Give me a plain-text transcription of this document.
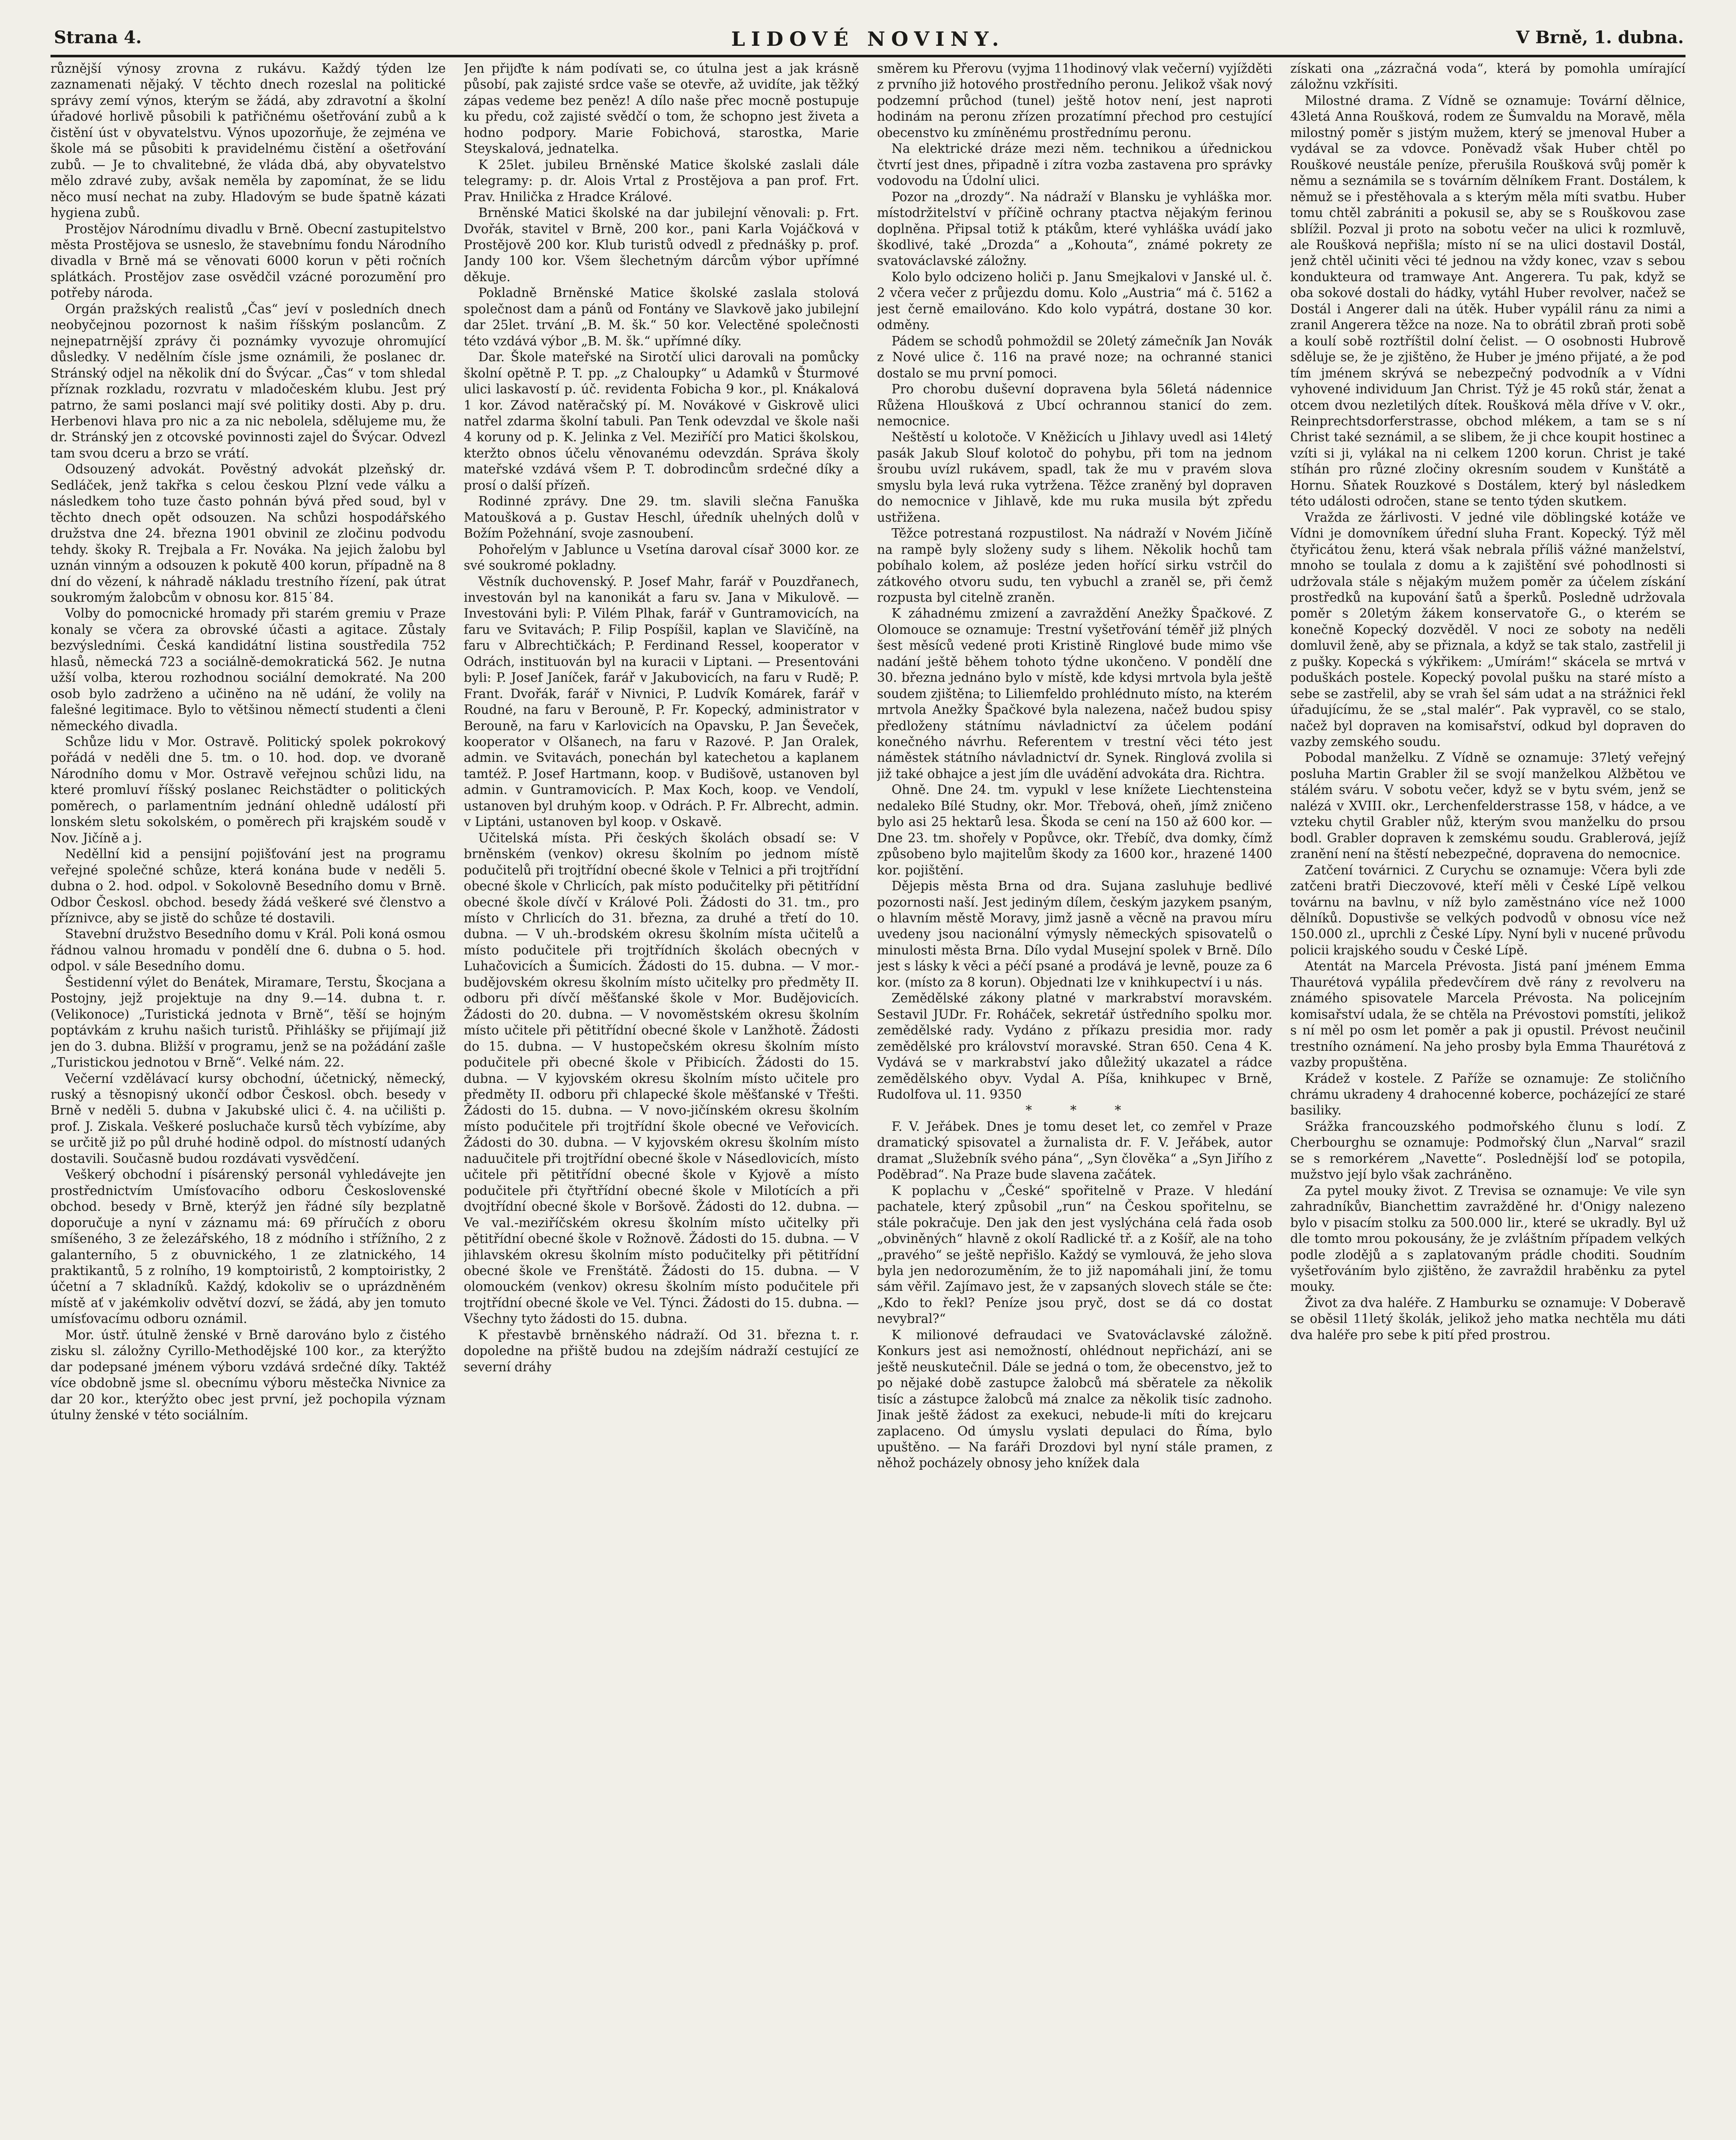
Strana 4.	LIDOVÉ NOVINY.	V Brně, 1. dubna.

různější výnosy zrovna z rukávu. Každý týden lze zaznamenati nějaký. V těchto dnech rozeslal na politické správy zemí výnos, kterým se žádá, aby zdravotní a školní úřadové horlivě působili k patřičnému ošetřování zubů a k čistění úst v obyvatelstvu. Výnos upozorňuje, že zejména ve škole má se působiti k pravidelnému čistění a ošetřování zubů. — Je to chvalitebné, že vláda dbá, aby obyvatelstvo mělo zdravé zuby, avšak neměla by zapomínat, že se lidu něco musí nechat na zuby. Hladovým se bude špatně kázati hygiena zubů.

Prostějov Národnímu divadlu v Brně. Obecní zastupitelstvo města Prostějova se usneslo, že stavebnímu fondu Národního divadla v Brně má se věnovati 6000 korun v pěti ročních splátkách. Prostějov zase osvědčil vzácné porozumění pro potřeby národa.

Orgán pražských realistů „Čas“ jeví v posledních dnech neobyčejnou pozornost k našim říšským poslancům. Z nejnepatrnější zprávy či poznámky vyvozuje ohromující důsledky. V nedělním čísle jsme oznámili, že poslanec dr. Stránský odjel na několik dní do Švýcar. „Čas“ v tom shledal příznak rozkladu, rozvratu v mladočeském klubu. Jest prý patrno, že sami poslanci mají své politiky dosti. Aby p. dru. Herbenovi hlava pro nic a za nic nebolela, sdělujeme mu, že dr. Stránský jen z otcovské povinnosti zajel do Švýcar. Odvezl tam svou dceru a brzo se vrátí.

Odsouzený advokát. Pověstný advokát plzeňský dr. Sedláček, jenž takřka s celou českou Plzní vede válku a následkem toho tuze často pohnán bývá před soud, byl v těchto dnech opět odsouzen. Na schůzi hospodářského družstva dne 24. března 1901 obvinil ze zločinu podvodu tehdy. škoky R. Trejbala a Fr. Nováka. Na jejich žalobu byl uznán vinným a odsouzen k pokutě 400 korun, případně na 8 dní do vězení, k náhradě nákladu trestního řízení, pak útrat soukromým žalobcům v obnosu kor. 815˙84.

Volby do pomocnické hromady při starém gremiu v Praze konaly se včera za obrovské účasti a agitace. Zůstaly bezvýsledními. Česká kandidátní listina soustředila 752 hlasů, německá 723 a sociálně-demokratická 562. Je nutna užší volba, kterou rozhodnou sociální demokraté. Na 200 osob bylo zadrženo a učiněno na ně udání, že volily na falešné legitimace. Bylo to většinou němectí studenti a členi německého divadla.

Schůze lidu v Mor. Ostravě. Politický spolek pokrokový pořádá v neděli dne 5. tm. o 10. hod. dop. ve dvoraně Národního domu v Mor. Ostravě veřejnou schůzi lidu, na které promluví říšský poslanec Reichstädter o politických poměrech, o parlamentním jednání ohledně událostí při lonském sletu sokolském, o poměrech při krajském soudě v Nov. Jičíně a j.

Neděllní kid a pensijní pojišťování jest na programu veřejné společné schůze, která konána bude v neděli 5. dubna o 2. hod. odpol. v Sokolovně Besedního domu v Brně. Odbor Českosl. obchod. besedy žádá veškeré své členstvo a příznivce, aby se jistě do schůze té dostavili.

Stavební družstvo Besedního domu v Král. Poli koná osmou řádnou valnou hromadu v pondělí dne 6. dubna o 5. hod. odpol. v sále Besedního domu.

Šestidenní výlet do Benátek, Miramare, Terstu, Škocjana a Postojny, jejž projektuje na dny 9.—14. dubna t. r. (Velikonoce) „Turistická jednota v Brně“, těší se hojným poptávkám z kruhu našich turistů. Přihlášky se přijímají již jen do 3. dubna. Bližší v programu, jenž se na požádání zašle „Turistickou jednotou v Brně“. Velké nám. 22.

Večerní vzdělávací kursy obchodní, účetnický, německý, ruský a těsnopisný ukončí odbor Českosl. obch. besedy v Brně v neděli 5. dubna v Jakubské ulici č. 4. na učilišti p. prof. J. Ziskala. Veškeré posluchače kursů těch vybízíme, aby se určitě již po půl druhé hodině odpol. do místností udaných dostavili. Současně budou rozdávati vysvědčení.

Veškerý obchodní i písárenský personál vyhledávejte jen prostřednictvím Umísťovacího odboru Československé obchod. besedy v Brně, kterýž jen řádné síly bezplatně doporučuje a nyní v záznamu má: 69 příručích z oboru smíšeného, 3 ze železářského, 18 z módního i střížního, 2 z galanterního, 5 z obuvnického, 1 ze zlatnického, 14 praktikantů, 5 z rolního, 19 komptoiristů, 2 komptoiristky, 2 účetní a 7 skladníků. Každý, kdokoliv se o uprázdněném místě ať v jakémkoliv odvětví dozví, se žádá, aby jen tomuto umísťovacímu odboru oznámil.

Mor. ústř. útulně ženské v Brně darováno bylo z čistého zisku sl. záložny Cyrillo-Methodějské 100 kor., za kterýžto dar podepsané jménem výboru vzdává srdečné díky. Taktéž více obdobně jsme sl. obecnímu výboru městečka Nivnice za dar 20 kor., kterýžto obec jest první, jež pochopila význam útulny ženské v této sociálním.

Jen přijďte k nám podívati se, co útulna jest a jak krásně působí, pak zajisté srdce vaše se otevře, až uvidíte, jak těžký zápas vedeme bez peněz! A dílo naše přec mocně postupuje ku předu, což zajisté svědčí o tom, že schopno jest živeta a hodno podpory. Marie Fobichová, starostka, Marie Steyskalová, jednatelka.

K 25let. jubileu Brněnské Matice školské zaslali dále telegramy: p. dr. Alois Vrtal z Prostějova a pan prof. Frt. Prav. Hnilička z Hradce Králové.

Brněnské Matici školské na dar jubilejní věnovali: p. Frt. Dvořák, stavitel v Brně, 200 kor., pani Karla Vojáčková v Prostějově 200 kor. Klub turistů odvedl z přednášky p. prof. Jandy 100 kor. Všem šlechetným dárcům výbor upřímné děkuje.

Pokladně Brněnské Matice školské zaslala stolová společnost dam a pánů od Fontány ve Slavkově jako jubilejní dar 25let. trvání „B. M. šk.“ 50 kor. Velectěné společnosti této vzdává výbor „B. M. šk.“ upřímné díky.

Dar. Škole mateřské na Sirotčí ulici darovali na pomůcky školní opětně P. T. pp. „z Chaloupky“ u Adamků v Šturmové ulici laskavostí p. úč. revidenta Fobicha 9 kor., pl. Knákalová 1 kor. Závod natěračský pí. M. Novákové v Giskrově ulici natřel zdarma školní tabuli. Pan Tenk odevzdal ve škole naši 4 koruny od p. K. Jelinka z Vel. Meziříčí pro Matici školskou, kteržto obnos účelu věnovanému odevzdán. Správa školy mateřské vzdává všem P. T. dobrodincům srdečné díky a prosí o další přízeň.

Rodinné zprávy. Dne 29. tm. slavili slečna Fanuška Matoušková a p. Gustav Heschl, úředník uhelných dolů v Božím Požehnání, svoje zasnoubení.

Pohořelým v Jablunce u Vsetína daroval císař 3000 kor. ze své soukromé pokladny.

Věstník duchovenský. P. Josef Mahr, farář v Pouzdřanech, investován byl na kanonikát a faru sv. Jana v Mikulově. — Investováni byli: P. Vilém Plhak, farář v Guntramovicích, na faru ve Svitavách; P. Filip Pospíšil, kaplan ve Slavičíně, na faru v Albrechtičkách; P. Ferdinand Ressel, kooperator v Odrách, instituován byl na kuracii v Liptani. — Presentováni byli: P. Josef Janíček, farář v Jakubovicích, na faru v Rudě; P. Frant. Dvořák, farář v Nivnici, P. Ludvík Komárek, farář v Roudné, na faru v Berouně, P. Fr. Kopecký, administrator v Berouně, na faru v Karlovicích na Opavsku, P. Jan Ševeček, kooperator v Olšanech, na faru v Razové. P. Jan Oralek, admin. ve Svitavách, ponechán byl katechetou a kaplanem tamtéž. P. Josef Hartmann, koop. v Budišově, ustanoven byl admin. v Guntramovicích. P. Max Koch, koop. ve Vendolí, ustanoven byl druhým koop. v Odrách. P. Fr. Albrecht, admin. v Liptáni, ustanoven byl koop. v Oskavě.

Učitelská místa. Při českých školách obsadí se: V brněnském (venkov) okresu školním po jednom místě podučitelů při trojtřídní obecné škole v Telnici a při trojtřídní obecné škole v Chrlicích, pak místo podučitelky při pětitřídní obecné škole dívčí v Králové Poli. Žádosti do 31. tm., pro místo v Chrlicích do 31. března, za druhé a třetí do 10. dubna. — V uh.-brodském okresu školním místa učitelů a místo podučitele při trojtřídních školách obecných v Luhačovicích a Šumicích. Žádosti do 15. dubna. — V mor.-budějovském okresu školním místo učitelky pro předměty II. odboru při dívčí měšťanské škole v Mor. Budějovicích. Žádosti do 20. dubna. — V novoměstském okresu školním místo učitele při pětitřídní obecné škole v Lanžhotě. Žádosti do 15. dubna. — V hustopečském okresu školním místo podučitele při obecné škole v Přibicích. Žádosti do 15. dubna. — V kyjovském okresu školním místo učitele pro předměty II. odboru při chlapecké škole měšťanské v Třešti. Žádosti do 15. dubna. — V novo-jičínském okresu školním místo podučitele při trojtřídní škole obecné ve Veřovicích. Žádosti do 30. dubna. — V kyjovském okresu školním místo naduučitele při trojtřídní obecné škole v Násedlovicích, místo učitele při pětitřídní obecné škole v Kyjově a místo podučitele při čtyřtřídní obecné škole v Milotících a při dvojtřídní obecné škole v Boršově. Žádosti do 12. dubna. — Ve val.-meziříčském okresu školním místo učitelky při pětitřídní obecné škole v Rožnově. Žádosti do 15. dubna. — V jihlavském okresu školním místo podučitelky při pětitřídní obecné škole ve Frenštátě. Žádosti do 15. dubna. — V olomouckém (venkov) okresu školním místo podučitele při trojtřídní obecné škole ve Vel. Týnci. Žádosti do 15. dubna. — Všechny tyto žádosti do 15. dubna.

K přestavbě brněnského nádraží. Od 31. března t. r. dopoledne na přiště budou na zdejším nádraží cestující ze severní dráhy

směrem ku Přerovu (vyjma 11hodinový vlak večerní) vyjížděti z prvního již hotového prostředního peronu. Jelikož však nový podzemní průchod (tunel) ještě hotov není, jest naproti hodinám na peronu zřízen prozatímní přechod pro cestující obecenstvo ku zmíněnému prostřednímu peronu.

Na elektrické dráze mezi něm. technikou a úřednickou čtvrtí jest dnes, připadně i zítra vozba zastavena pro správky vodovodu na Údolní ulici.

Pozor na „drozdy“. Na nádraží v Blansku je vyhláška mor. místodržitelství v příčině ochrany ptactva nějakým ferinou doplněna. Připsal totiž k ptákům, které vyhláška uvádí jako škodlivé, také „Drozda“ a „Kohouta“, známé pokrety ze svatováclavské záložny.

Kolo bylo odcizeno holiči p. Janu Smejkalovi v Janské ul. č. 2 včera večer z průjezdu domu. Kolo „Austria“ má č. 5162 a jest černě emailováno. Kdo kolo vypátrá, dostane 30 kor. odměny.

Pádem se schodů pohmoždil se 20letý zámečník Jan Novák z Nové ulice č. 116 na pravé noze; na ochranné stanici dostalo se mu první pomoci.

Pro chorobu duševní dopravena byla 56letá nádennice Růžena Hloušková z Ubcí ochrannou stanicí do zem. nemocnice.

Neštěstí u kolotoče. V Kněžicích u Jihlavy uvedl asi 14letý pasák Jakub Slouf kolotoč do pohybu, při tom na jednom šroubu uvízl rukávem, spadl, tak že mu v pravém slova smyslu byla levá ruka vytržena. Těžce zraněný byl dopraven do nemocnice v Jihlavě, kde mu ruka musila být zpředu ustřižena.

Těžce potrestaná rozpustilost. Na nádraží v Novém Jičíně na rampě byly složeny sudy s lihem. Několik hochů tam pobíhalo kolem, až posléze jeden hořící sirku vstrčil do zátkového otvoru sudu, ten vybuchl a zraněl se, při čemž rozpusta byl citelně zraněn.

K záhadnému zmizení a zavraždění Anežky Špačkové. Z Olomouce se oznamuje: Trestní vyšetřování téměř již plných šest měsíců vedené proti Kristině Ringlové bude mimo vše nadání ještě během tohoto týdne ukončeno. V pondělí dne 30. března jednáno bylo v místě, kde kdysi mrtvola byla ještě soudem zjištěna; to Liliemfeldo prohlédnuto místo, na kterém mrtvola Anežky Špačkové byla nalezena, načež budou spisy předloženy státnímu návladnictví za účelem podání konečného návrhu. Referentem v trestní věci této jest náměstek státního návladnictví dr. Synek. Ringlová zvolila si již také obhajce a jest jím dle uvádění advokáta dra. Richtra.

Ohně. Dne 24. tm. vypukl v lese knížete Liechtensteina nedaleko Bílé Studny, okr. Mor. Třebová, oheň, jímž zničeno bylo asi 25 hektarů lesa. Škoda se cení na 150 až 600 kor. — Dne 23. tm. shořely v Popůvce, okr. Třebíč, dva domky, čímž způsobeno bylo majitelům škody za 1600 kor., hrazené 1400 kor. pojištění.

Dějepis města Brna od dra. Sujana zasluhuje bedlivé pozornosti naší. Jest jediným dílem, českým jazykem psaným, o hlavním městě Moravy, jimž jasně a věcně na pravou míru uvedeny jsou nacionální výmysly německých spisovatelů o minulosti města Brna. Dílo vydal Musejní spolek v Brně. Dílo jest s lásky k věci a péčí psané a prodává je levně, pouze za 6 kor. (místo za 8 korun). Objednati lze v knihkupectví i u nás.

Zemědělské zákony platné v markrabství moravském. Sestavil JUDr. Fr. Roháček, sekretář ústředního spolku mor. zemědělské rady. Vydáno z příkazu presidia mor. rady zemědělské pro království moravské. Stran 650. Cena 4 K. Vydává se v markrabství jako důležitý ukazatel a rádce zemědělského obyv. Vydal A. Píša, knihkupec v Brně, Rudolfova ul. 11. 9350

* * *

F. V. Jeřábek. Dnes je tomu deset let, co zemřel v Praze dramatický spisovatel a žurnalista dr. F. V. Jeřábek, autor dramat „Služebník svého pána“, „Syn člověka“ a „Syn Jiřího z Poděbrad“. Na Praze bude slavena začátek.

K poplachu v „České“ spořitelně v Praze. V hledání pachatele, který způsobil „run“ na Českou spořitelnu, se stále pokračuje. Den jak den jest vyslýchána celá řada osob „obviněných“ hlavně z okolí Radlické tř. a z Košíř, ale na toho „pravého“ se ještě nepřišlo. Každý se vymlouvá, že jeho slova byla jen nedorozuměním, že to již napomáhali jiní, že tomu sám věřil. Zajímavo jest, že v zapsaných slovech stále se čte: „Kdo to řekl? Peníze jsou pryč, dost se dá co dostat nevybral?“

K milionové defraudaci ve Svatováclavské záložně. Konkurs jest asi nemožností, ohlédnout nepřichází, ani se ještě neuskutečnil. Dále se jedná o tom, že obecenstvo, jež to po nějaké době zastupce žalobců má sběratele za několik tisíc a zástupce žalobců má znalce za několik tisíc zadnoho. Jinak ještě žádost za exekuci, nebude-li míti do krejcaru zaplaceno. Od úmyslu vyslati depulaci do Říma, bylo upuštěno. — Na faráři Drozdovi byl nyní stále pramen, z něhož pocházely obnosy jeho knížek dala

získati ona „zázračná voda“, která by pomohla umírající záložnu vzkřísiti.

Milostné drama. Z Vídně se oznamuje: Tovární dělnice, 43letá Anna Roušková, rodem ze Šumvaldu na Moravě, měla milostný poměr s jistým mužem, který se jmenoval Huber a vydával se za vdovce. Poněvadž však Huber chtěl po Rouškové neustále peníze, přerušila Roušková svůj poměr k němu a seznámila se s továrním dělníkem Frant. Dostálem, k němuž se i přestěhovala a s kterým měla míti svatbu. Huber tomu chtěl zabrániti a pokusil se, aby se s Rouškovou zase sblížil. Pozval ji proto na sobotu večer na ulici k rozmluvě, ale Roušková nepřišla; místo ní se na ulici dostavil Dostál, jenž chtěl učiniti věci té jednou na vždy konec, vzav s sebou kondukteura od tramwaye Ant. Angerera. Tu pak, když se oba sokové dostali do hádky, vytáhl Huber revolver, načež se Dostál i Angerer dali na útěk. Huber vypálil ránu za nimi a zranil Angerera těžce na noze. Na to obrátil zbraň proti sobě a koulí sobě roztříštil dolní čelist. — O osobnosti Hubrově sděluje se, že je zjištěno, že Huber je jméno přijaté, a že pod tím jménem skrývá se nebezpečný podvodník a v Vídni vyhovené individuum Jan Christ. Týž je 45 roků stár, ženat a otcem dvou nezletilých dítek. Roušková měla dříve v V. okr., Reinprechtsdorferstrasse, obchod mlékem, a tam se s ní Christ také seznámil, a se slibem, že ji chce koupit hostinec a vzíti si ji, vylákal na ni celkem 1200 korun. Christ je také stíhán pro různé zločiny okresním soudem v Kunštátě a Hornu. Sňatek Rouzkové s Dostálem, který byl následkem této události odročen, stane se tento týden skutkem.

Vražda ze žárlivosti. V jedné vile döblingské kotáže ve Vídni je domovníkem úřední sluha Frant. Kopecký. Týž měl čtyřicátou ženu, která však nebrala příliš vážné manželství, mnoho se toulala z domu a k zajištění své pohodlnosti si udržovala stále s nějakým mužem poměr za účelem získání prostředků na kupování šatů a šperků. Posledně udržovala poměr s 20letým žákem konservatoře G., o kterém se konečně Kopecký dozvěděl. V noci ze soboty na neděli domluvil ženě, aby se přiznala, a když se tak stalo, zastřelil ji z pušky. Kopecká s výkřikem: „Umírám!“ skácela se mrtvá v poduškách postele. Kopecký povolal pušku na staré místo a sebe se zastřelil, aby se vrah šel sám udat a na strážnici řekl úřadujícímu, že se „stal malér“. Pak vypravěl, co se stalo, načež byl dopraven na komisařství, odkud byl dopraven do vazby zemského soudu.

Pobodal manželku. Z Vídně se oznamuje: 37letý veřejný posluha Martin Grabler žil se svojí manželkou Alžbětou ve stálém sváru. V sobotu večer, když se v bytu svém, jenž se nalézá v XVIII. okr., Lerchenfelderstrasse 158, v hádce, a ve vzteku chytil Grabler nůž, kterým svou manželku do prsou bodl. Grabler dopraven k zemskému soudu. Grablerová, jejíž zranění není na štěstí nebezpečné, dopravena do nemocnice.

Zatčení továrnici. Z Curychu se oznamuje: Včera byli zde zatčeni bratři Dieczovové, kteří měli v České Lípě velkou továrnu na bavlnu, v níž bylo zaměstnáno více než 1000 dělníků. Dopustivše se velkých podvodů v obnosu více než 150.000 zl., uprchli z České Lípy. Nyní byli v nucené průvodu policii krajského soudu v České Lípě.

Atentát na Marcela Prévosta. Jistá paní jménem Emma Thaurétová vypálila předevčírem dvě rány z revolveru na známého spisovatele Marcela Prévosta. Na policejním komisařství udala, že se chtěla na Prévostovi pomstíti, jelikož s ní měl po osm let poměr a pak ji opustil. Prévost neučinil trestního oznámení. Na jeho prosby byla Emma Thaurétová z vazby propuštěna.

Krádež v kostele. Z Paříže se oznamuje: Ze stoličního chrámu ukradeny 4 drahocenné kobercе, pocházející ze staré basiliky.

Srážka francouzského podmořského člunu s lodí. Z Cherbourghu se oznamuje: Podmořský člun „Narval“ srazil se s remorkérem „Navette“. Poslednější loď se potopila, mužstvo její bylo však zachráněno.

Za pytel mouky život. Z Trevisa se oznamuje: Ve vile syn zahradníkův, Bianchettim zavražděné hr. d'Onigy nalezeno bylo v pisacím stolku za 500.000 lir., které se ukradly. Byl už dle tomto mrou pokousány, že je zvláštním případem velkých podle zlodějů a s zaplatovaným prádle choditi. Soudním vyšetřováním bylo zjištěno, že zavraždil hraběnku za pytel mouky.

Život za dva haléře. Z Hamburku se oznamuje: V Doberavě se oběsil 11letý školák, jelikož jeho matka nechtěla mu dáti dva haléře pro sebe k pití před prostrou.
